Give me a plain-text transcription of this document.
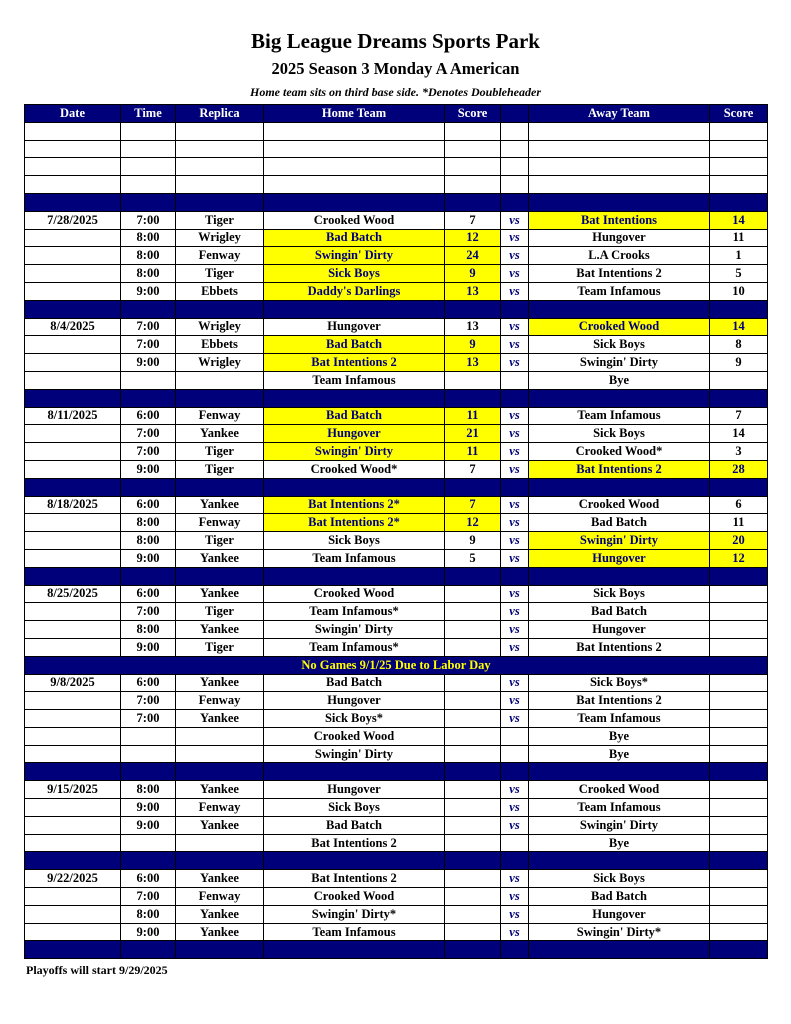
Big League Dreams Sports Park
2025 Season 3 Monday A American
Home team sits on third base side. *Denotes Doubleheader
Date	Time	Replica	Home Team	Score		Away Team	Score

7/28/2025	7:00	Tiger	Crooked Wood	7	vs	Bat Intentions	14
	8:00	Wrigley	Bad Batch	12	vs	Hungover	11
	8:00	Fenway	Swingin' Dirty	24	vs	L.A Crooks	1
	8:00	Tiger	Sick Boys	9	vs	Bat Intentions 2	5
	9:00	Ebbets	Daddy's Darlings	13	vs	Team Infamous	10

8/4/2025	7:00	Wrigley	Hungover	13	vs	Crooked Wood	14
	7:00	Ebbets	Bad Batch	9	vs	Sick Boys	8
	9:00	Wrigley	Bat Intentions 2	13	vs	Swingin' Dirty	9
			Team Infamous			Bye	

8/11/2025	6:00	Fenway	Bad Batch	11	vs	Team Infamous	7
	7:00	Yankee	Hungover	21	vs	Sick Boys	14
	7:00	Tiger	Swingin' Dirty	11	vs	Crooked Wood*	3
	9:00	Tiger	Crooked Wood*	7	vs	Bat Intentions 2	28

8/18/2025	6:00	Yankee	Bat Intentions 2*	7	vs	Crooked Wood	6
	8:00	Fenway	Bat Intentions 2*	12	vs	Bad Batch	11
	8:00	Tiger	Sick Boys	9	vs	Swingin' Dirty	20
	9:00	Yankee	Team Infamous	5	vs	Hungover	12

8/25/2025	6:00	Yankee	Crooked Wood		vs	Sick Boys	
	7:00	Tiger	Team Infamous*		vs	Bad Batch	
	8:00	Yankee	Swingin' Dirty		vs	Hungover	
	9:00	Tiger	Team Infamous*		vs	Bat Intentions 2	
No Games 9/1/25 Due to Labor Day							
9/8/2025	6:00	Yankee	Bad Batch		vs	Sick Boys*	
	7:00	Fenway	Hungover		vs	Bat Intentions 2	
	7:00	Yankee	Sick Boys*		vs	Team Infamous	
			Crooked Wood			Bye	
			Swingin' Dirty			Bye	

9/15/2025	8:00	Yankee	Hungover		vs	Crooked Wood	
	9:00	Fenway	Sick Boys		vs	Team Infamous	
	9:00	Yankee	Bad Batch		vs	Swingin' Dirty	
			Bat Intentions 2			Bye	

9/22/2025	6:00	Yankee	Bat Intentions 2		vs	Sick Boys	
	7:00	Fenway	Crooked Wood		vs	Bad Batch	
	8:00	Yankee	Swingin' Dirty*		vs	Hungover	
	9:00	Yankee	Team Infamous		vs	Swingin' Dirty*	

Playoffs will start 9/29/2025
